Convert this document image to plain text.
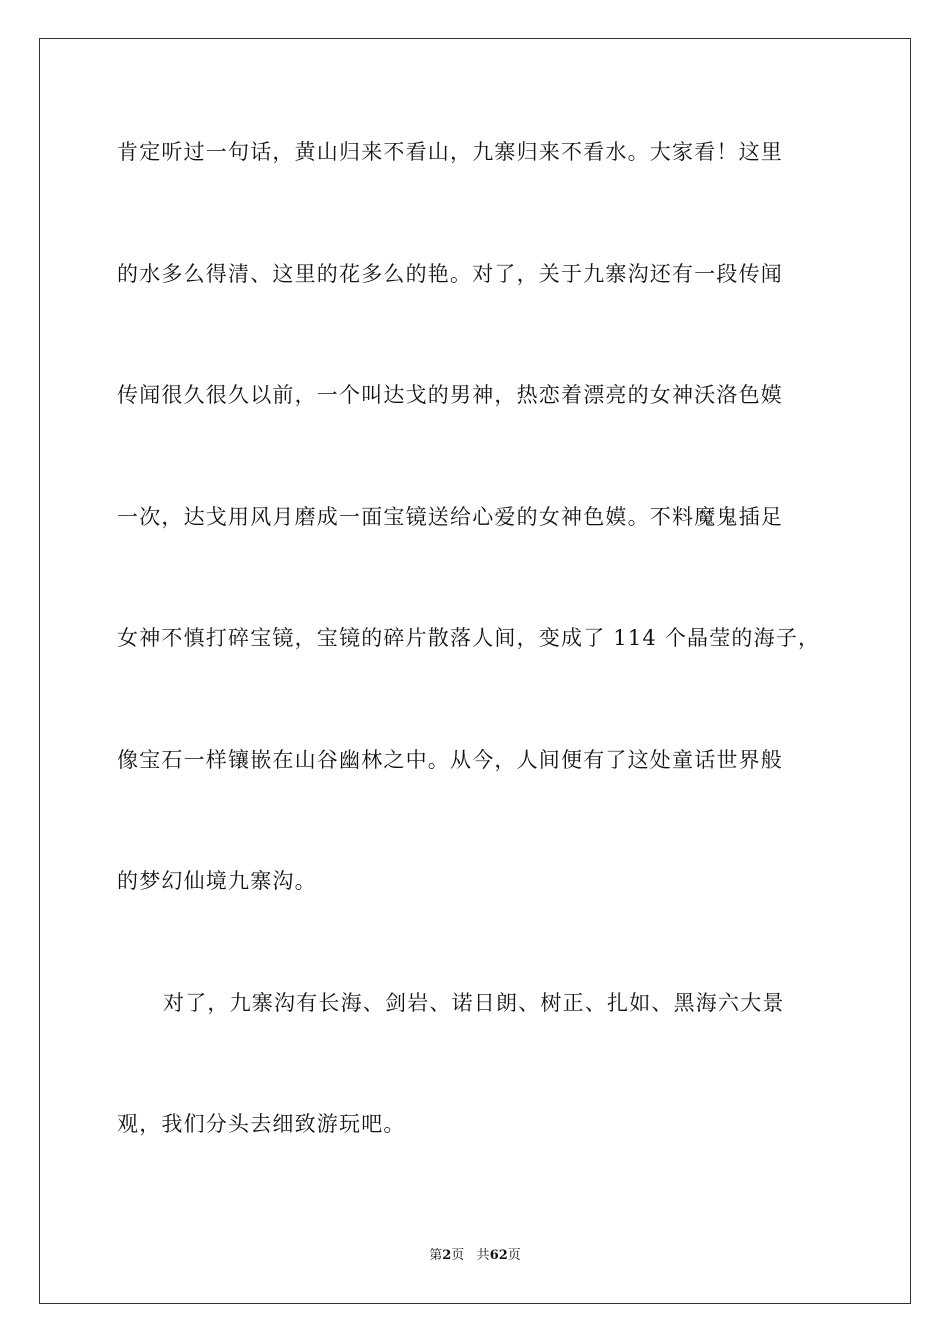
肯定听过一句话，黄山归来不看山，九寨归来不看水。大家看！这里

的水多么得清、这里的花多么的艳。对了，关于九寨沟还有一段传闻

传闻很久很久以前，一个叫达戈的男神，热恋着漂亮的女神沃洛色嫫

一次，达戈用风月磨成一面宝镜送给心爱的女神色嫫。不料魔鬼插足

女神不慎打碎宝镜，宝镜的碎片散落人间，变成了 114 个晶莹的海子，

像宝石一样镶嵌在山谷幽林之中。从今，人间便有了这处童话世界般

的梦幻仙境九寨沟。

对了，九寨沟有长海、剑岩、诺日朗、树正、扎如、黑海六大景

观，我们分头去细致游玩吧。

第2页 共62页
